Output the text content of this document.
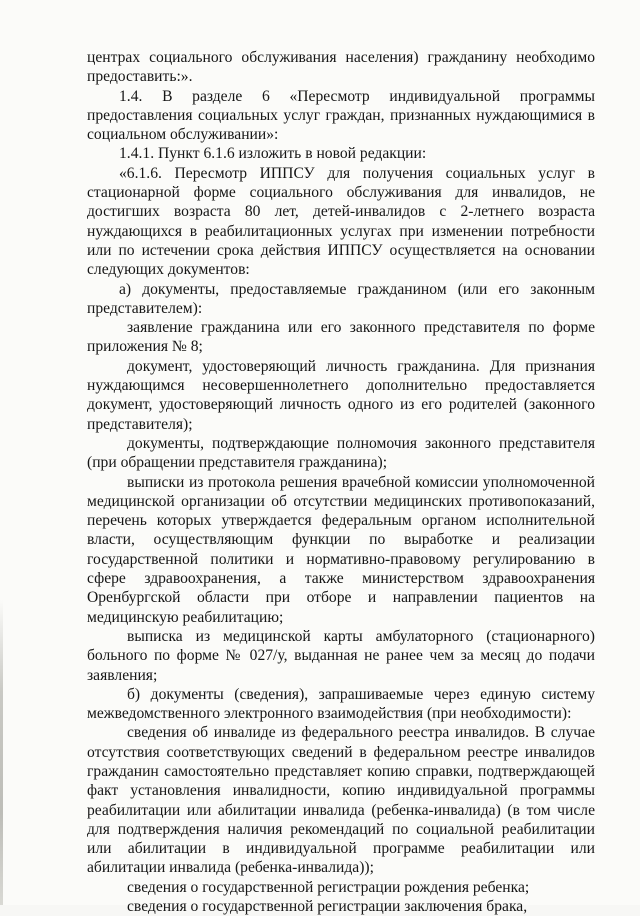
центрах социального обслуживания населения) гражданину необходимо предоставить:».

1.4. В разделе 6 «Пересмотр индивидуальной программы предоставления социальных услуг граждан, признанных нуждающимися в социальном обслуживании»:

1.4.1. Пункт 6.1.6 изложить в новой редакции:

«6.1.6. Пересмотр ИППСУ для получения социальных услуг в стационарной форме социального обслуживания для инвалидов, не достигших возраста 80 лет, детей-инвалидов с 2-летнего возраста нуждающихся в реабилитационных услугах при изменении потребности или по истечении срока действия ИППСУ осуществляется на основании следующих документов:

а) документы, предоставляемые гражданином (или его законным представителем):

заявление гражданина или его законного представителя по форме приложения № 8;

документ, удостоверяющий личность гражданина. Для признания нуждающимся несовершеннолетнего дополнительно предоставляется документ, удостоверяющий личность одного из его родителей (законного представителя);

документы, подтверждающие полномочия законного представителя (при обращении представителя гражданина);

выписки из протокола решения врачебной комиссии уполномоченной медицинской организации об отсутствии медицинских противопоказаний, перечень которых утверждается федеральным органом исполнительной власти, осуществляющим функции по выработке и реализации государственной политики и нормативно-правовому регулированию в сфере здравоохранения, а также министерством здравоохранения Оренбургской области при отборе и направлении пациентов на медицинскую реабилитацию;

выписка из медицинской карты амбулаторного (стационарного) больного по форме № 027/у, выданная не ранее чем за месяц до подачи заявления;

б) документы (сведения), запрашиваемые через единую систему межведомственного электронного взаимодействия (при необходимости):

сведения об инвалиде из федерального реестра инвалидов. В случае отсутствия соответствующих сведений в федеральном реестре инвалидов гражданин самостоятельно представляет копию справки, подтверждающей факт установления инвалидности, копию индивидуальной программы реабилитации или абилитации инвалида (ребенка-инвалида) (в том числе для подтверждения наличия рекомендаций по социальной реабилитации или абилитации в индивидуальной программе реабилитации или абилитации инвалида (ребенка-инвалида));

сведения о государственной регистрации рождения ребенка;

сведения о государственной регистрации заключения брака,
